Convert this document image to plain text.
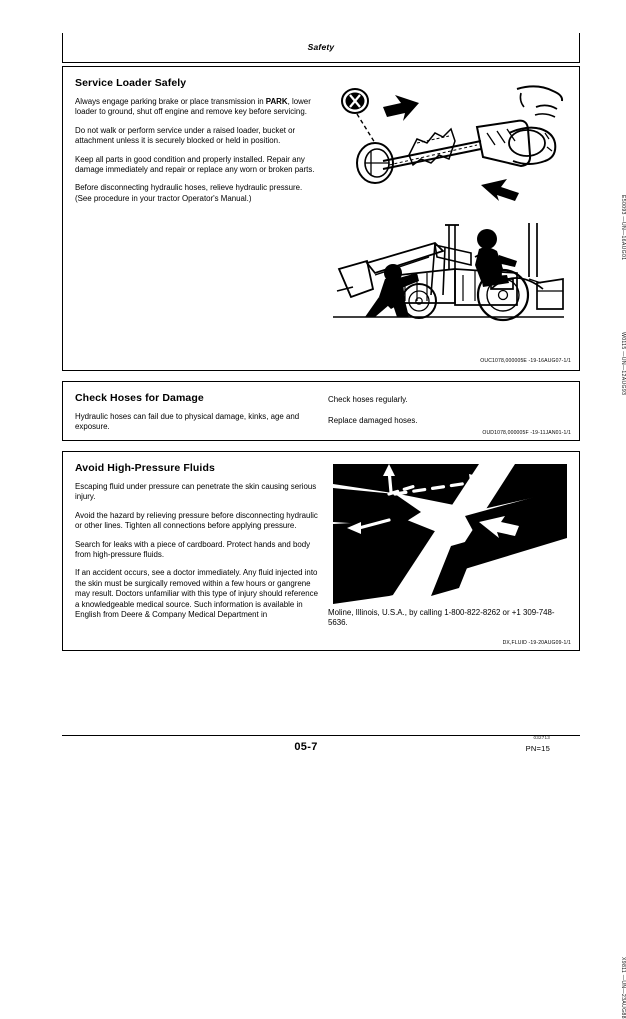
Safety
Service Loader Safely

Always engage parking brake or place transmission in PARK, lower loader to ground, shut off engine and remove key before servicing.

Do not walk or perform service under a raised loader, bucket or attachment unless it is securely blocked or held in position.

Keep all parts in good condition and properly installed. Repair any damage immediately and repair or replace any worn or broken parts.

Before disconnecting hydraulic hoses, relieve hydraulic pressure. (See procedure in your tractor Operator's Manual.)	E50093 —UN—16AUG01
W0115 —UN—12AUG93
OUC1078,000005E -19-16AUG07-1/1
Check Hoses for Damage

Hydraulic hoses can fail due to physical damage, kinks, age and exposure.

Check hoses regularly.

Replace damaged hoses.

OUD1078,000005F -19-11JAN01-1/1
Avoid High-Pressure Fluids

Escaping fluid under pressure can penetrate the skin causing serious injury.

Avoid the hazard by relieving pressure before disconnecting hydraulic or other lines. Tighten all connections before applying pressure.

Search for leaks with a piece of cardboard. Protect hands and body from high-pressure fluids.

If an accident occurs, see a doctor immediately. Any fluid injected into the skin must be surgically removed within a few hours or gangrene may result. Doctors unfamiliar with this type of injury should reference a knowledgeable medical source. Such information is available in English from Deere & Company Medical Department in

X9811 —UN—23AUG88

Moline, Illinois, U.S.A., by calling 1-800-822-8262 or +1 309-748-5636.

DX,FLUID -19-20AUG09-1/1
05-7
032713
PN=15
